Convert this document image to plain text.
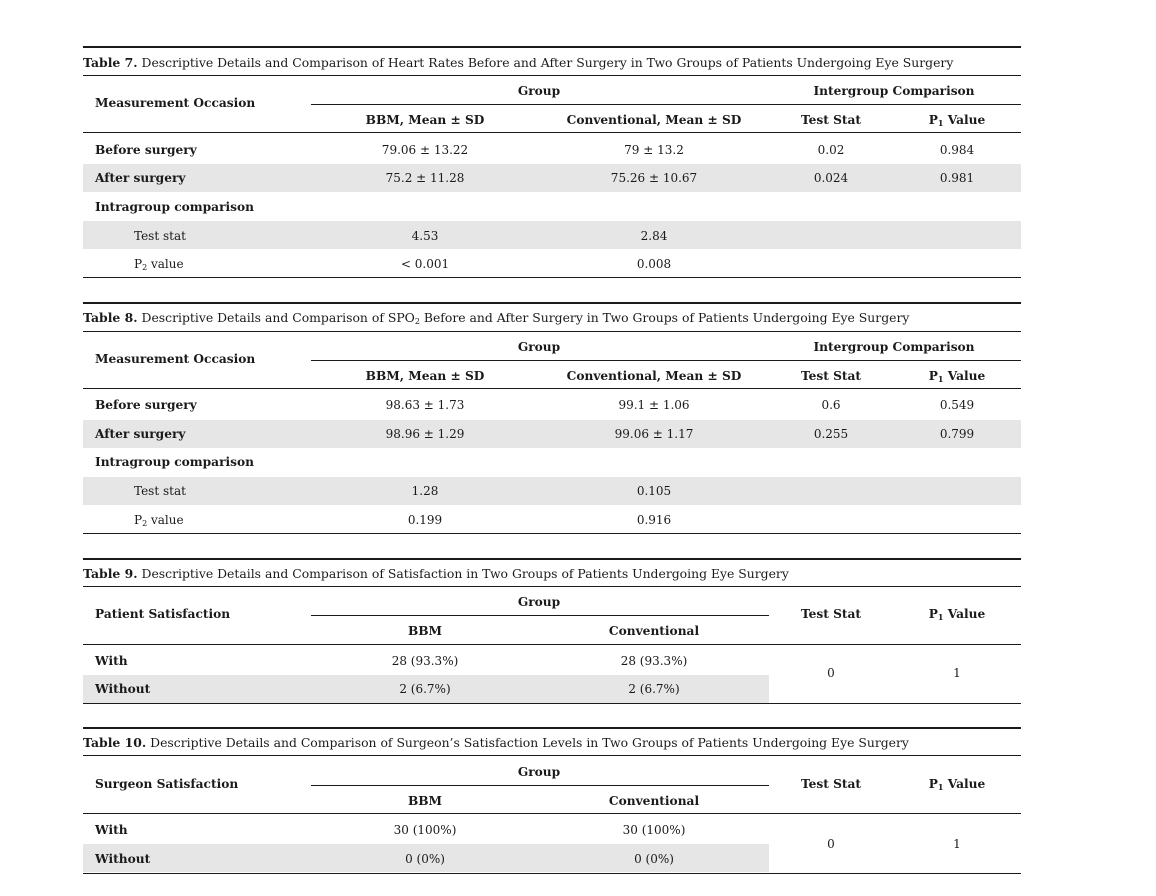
Table 7. Descriptive Details and Comparison of Heart Rates Before and After Surgery in Two Groups of Patients Undergoing Eye Surgery
Measurement Occasion
Group	Intergroup Comparison
BBM, Mean ± SD	Conventional, Mean ± SD	Test Stat	$P_1$ Value
Before surgery	79.06 ± 13.22	79 ± 13.2	0.02	0.984
After surgery	75.2 ± 11.28	75.26 ± 10.67	0.024	0.981
Intragroup comparison
Test stat	4.53	2.84
$P_2$ value	< 0.001	0.008
Table 8. Descriptive Details and Comparison of $SPO_2$ Before and After Surgery in Two Groups of Patients Undergoing Eye Surgery
Measurement Occasion
Group	Intergroup Comparison
BBM, Mean ± SD	Conventional, Mean ± SD	Test Stat	$P_1$ Value
Before surgery	98.63 ± 1.73	99.1 ± 1.06	0.6	0.549
After surgery	98.96 ± 1.29	99.06 ± 1.17	0.255	0.799
Intragroup comparison
Test stat	1.28	0.105
$P_2$ value	0.199	0.916
Table 9. Descriptive Details and Comparison of Satisfaction in Two Groups of Patients Undergoing Eye Surgery
Patient Satisfaction
Group
Test Stat	$P_1$ Value
BBM	Conventional
With	28 (93.3%)	28 (93.3%)
Without	2 (6.7%)	2 (6.7%)
0	1
Table 10. Descriptive Details and Comparison of Surgeon’s Satisfaction Levels in Two Groups of Patients Undergoing Eye Surgery
Surgeon Satisfaction
Group
Test Stat	$P_1$ Value
BBM	Conventional
With	30 (100%)	30 (100%)
Without	0 (0%)	0 (0%)
0	1
